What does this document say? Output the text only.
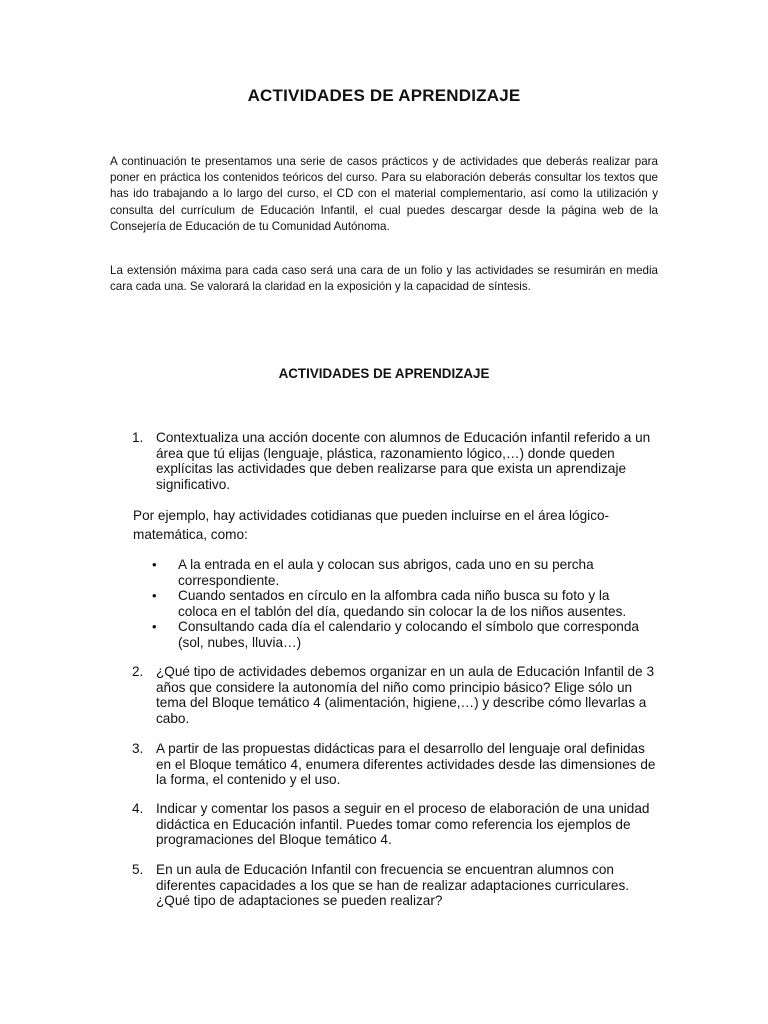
ACTIVIDADES DE APRENDIZAJE

A continuación te presentamos una serie de casos prácticos y de actividades que deberás realizar para poner en práctica los contenidos teóricos del curso. Para su elaboración deberás consultar los textos que has ido trabajando a lo largo del curso, el CD con el material complementario, así como la utilización y consulta del currículum de Educación Infantil, el cual puedes descargar desde la página web de la Consejería de Educación de tu Comunidad Autónoma.

La extensión máxima para cada caso será una cara de un folio y las actividades se resumirán en media cara cada una. Se valorará la claridad en la exposición y la capacidad de síntesis.

ACTIVIDADES DE APRENDIZAJE
1. Contextualiza una acción docente con alumnos de Educación infantil referido a un área que tú elijas (lenguaje, plástica, razonamiento lógico,…) donde queden explícitas las actividades que deben realizarse para que exista un aprendizaje significativo.

Por ejemplo, hay actividades cotidianas que pueden incluirse en el área lógico-matemática, como:

•	A la entrada en el aula y colocan sus abrigos, cada uno en su percha correspondiente.

•	Cuando sentados en círculo en la alfombra cada niño busca su foto y la coloca en el tablón del día, quedando sin colocar la de los niños ausentes.

•	Consultando cada día el calendario y colocando el símbolo que corresponda (sol, nubes, lluvia…)

2. ¿Qué tipo de actividades debemos organizar en un aula de Educación Infantil de 3 años que considere la autonomía del niño como principio básico? Elige sólo un tema del Bloque temático 4 (alimentación, higiene,…) y describe cómo llevarlas a cabo.

3. A partir de las propuestas didácticas para el desarrollo del lenguaje oral definidas en el Bloque temático 4, enumera diferentes actividades desde las dimensiones de la forma, el contenido y el uso.

4. Indicar y comentar los pasos a seguir en el proceso de elaboración de una unidad didáctica en Educación infantil. Puedes tomar como referencia los ejemplos de programaciones del Bloque temático 4.

5. En un aula de Educación Infantil con frecuencia se encuentran alumnos con diferentes capacidades a los que se han de realizar adaptaciones curriculares. ¿Qué tipo de adaptaciones se pueden realizar?
